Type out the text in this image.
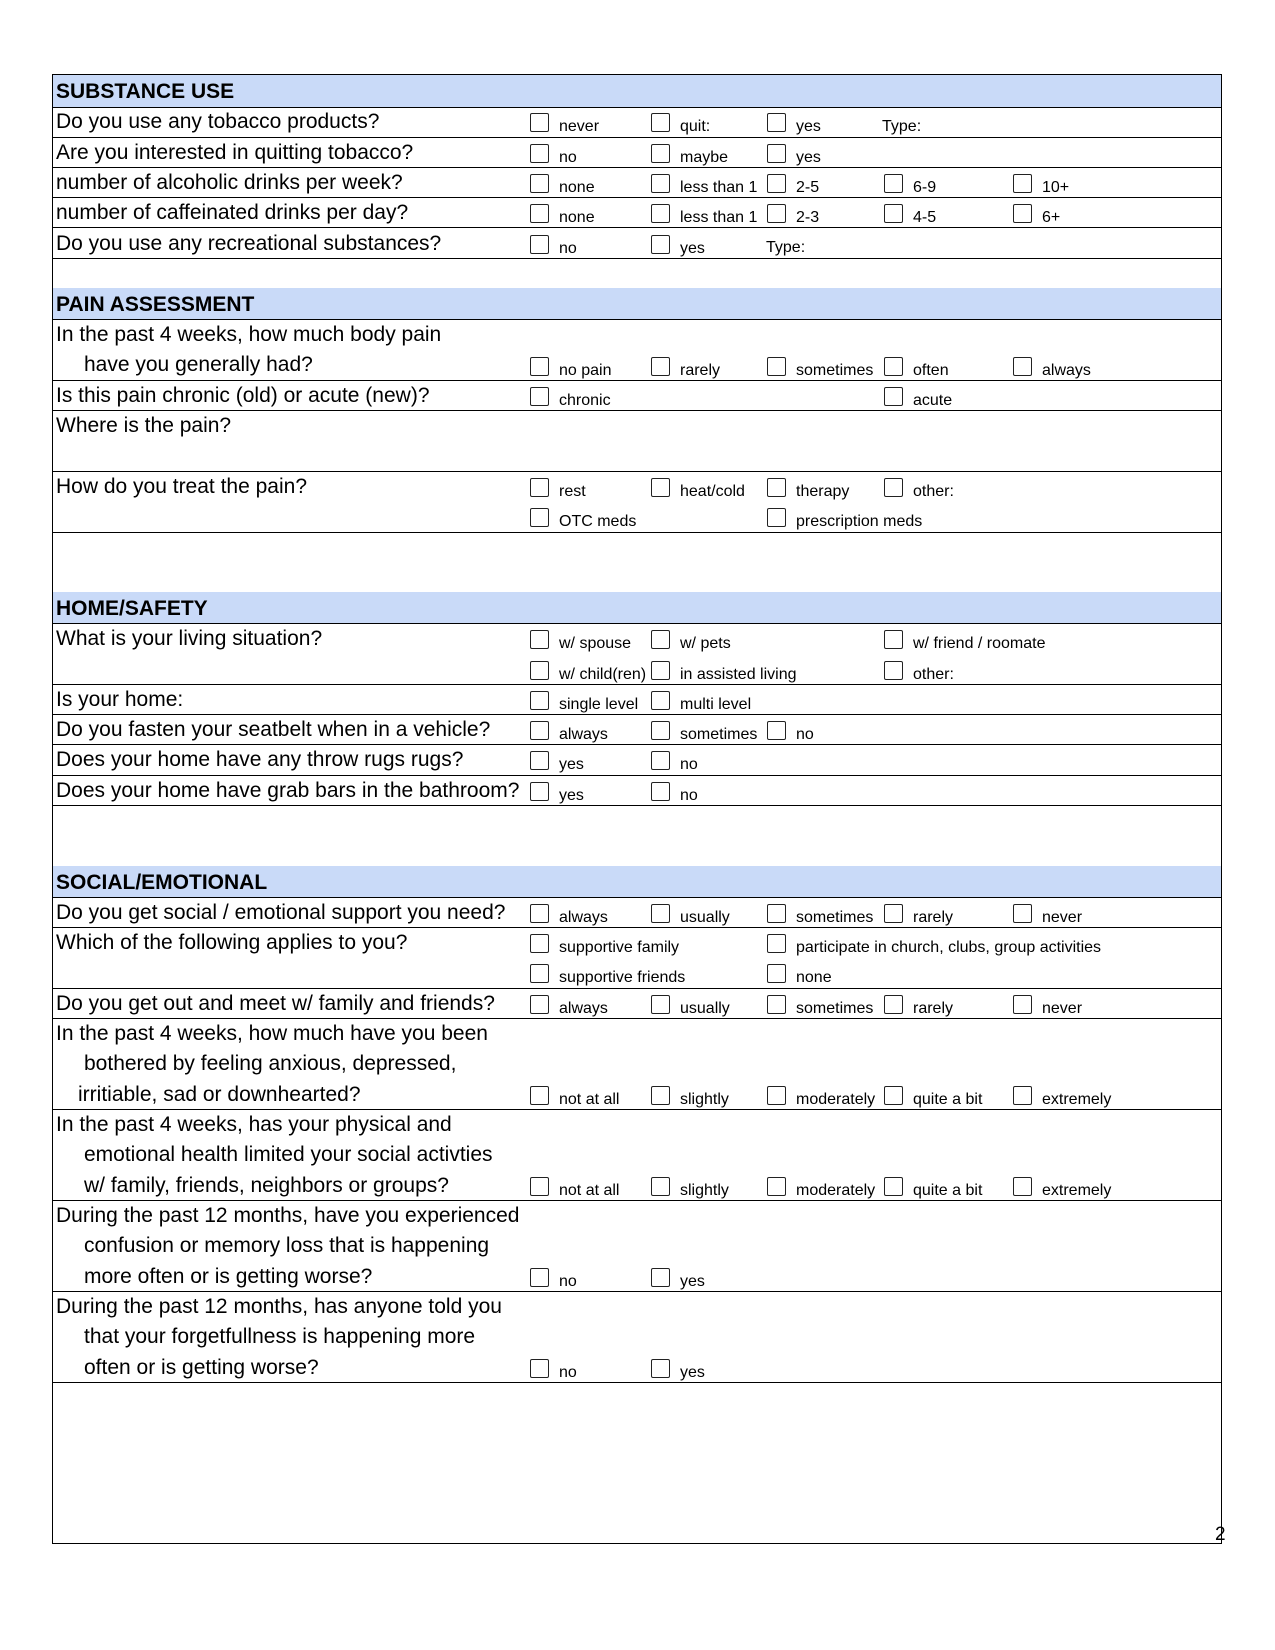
SUBSTANCE USE
Do you use any tobacco products?	never	quit:	yes	Type:
Are you interested in quitting tobacco?	no	maybe	yes
number of alcoholic drinks per week?	none	less than 1 2-5	6-9	10+
number of caffeinated drinks per day?	none	less than 1 2-3	4-5	6+
Do you use any recreational substances?	no	yes	Type:
PAIN ASSESSMENT
In the past 4 weeks, how much body pain
have you generally had?	no pain	rarely	sometimes often	always
Is this pain chronic (old) or acute (new)?	chronic	acute
Where is the pain?
How do you treat the pain?	rest	heat/cold	therapy	other:
OTC meds	prescription meds
HOME/SAFETY
What is your living situation?	w/ spouse	w/ pets	w/ friend / roomate
w/ child(ren) in assisted living	other:
Is your home:	single level	multi level
Do you fasten your seatbelt when in a vehicle?	always	sometimes no
Does your home have any throw rugs rugs?	yes	no
Does your home have grab bars in the bathroom? yes	no
SOCIAL/EMOTIONAL
Do you get social / emotional support you need?	always	usually	sometimes rarely	never
Which of the following applies to you?	supportive family	participate in church, clubs, group activities
supportive friends	none
Do you get out and meet w/ family and friends?	always	usually	sometimes rarely	never
In the past 4 weeks, how much have you been
bothered by feeling anxious, depressed,
irritiable, sad or downhearted?	not at all	slightly	moderately quite a bit	extremely
In the past 4 weeks, has your physical and
emotional health limited your social activties
w/ family, friends, neighbors or groups?	not at all	slightly	moderately quite a bit	extremely
During the past 12 months, have you experienced
confusion or memory loss that is happening
more often or is getting worse?	no	yes
During the past 12 months, has anyone told you
that your forgetfullness is happening more
often or is getting worse?	no	yes
2
